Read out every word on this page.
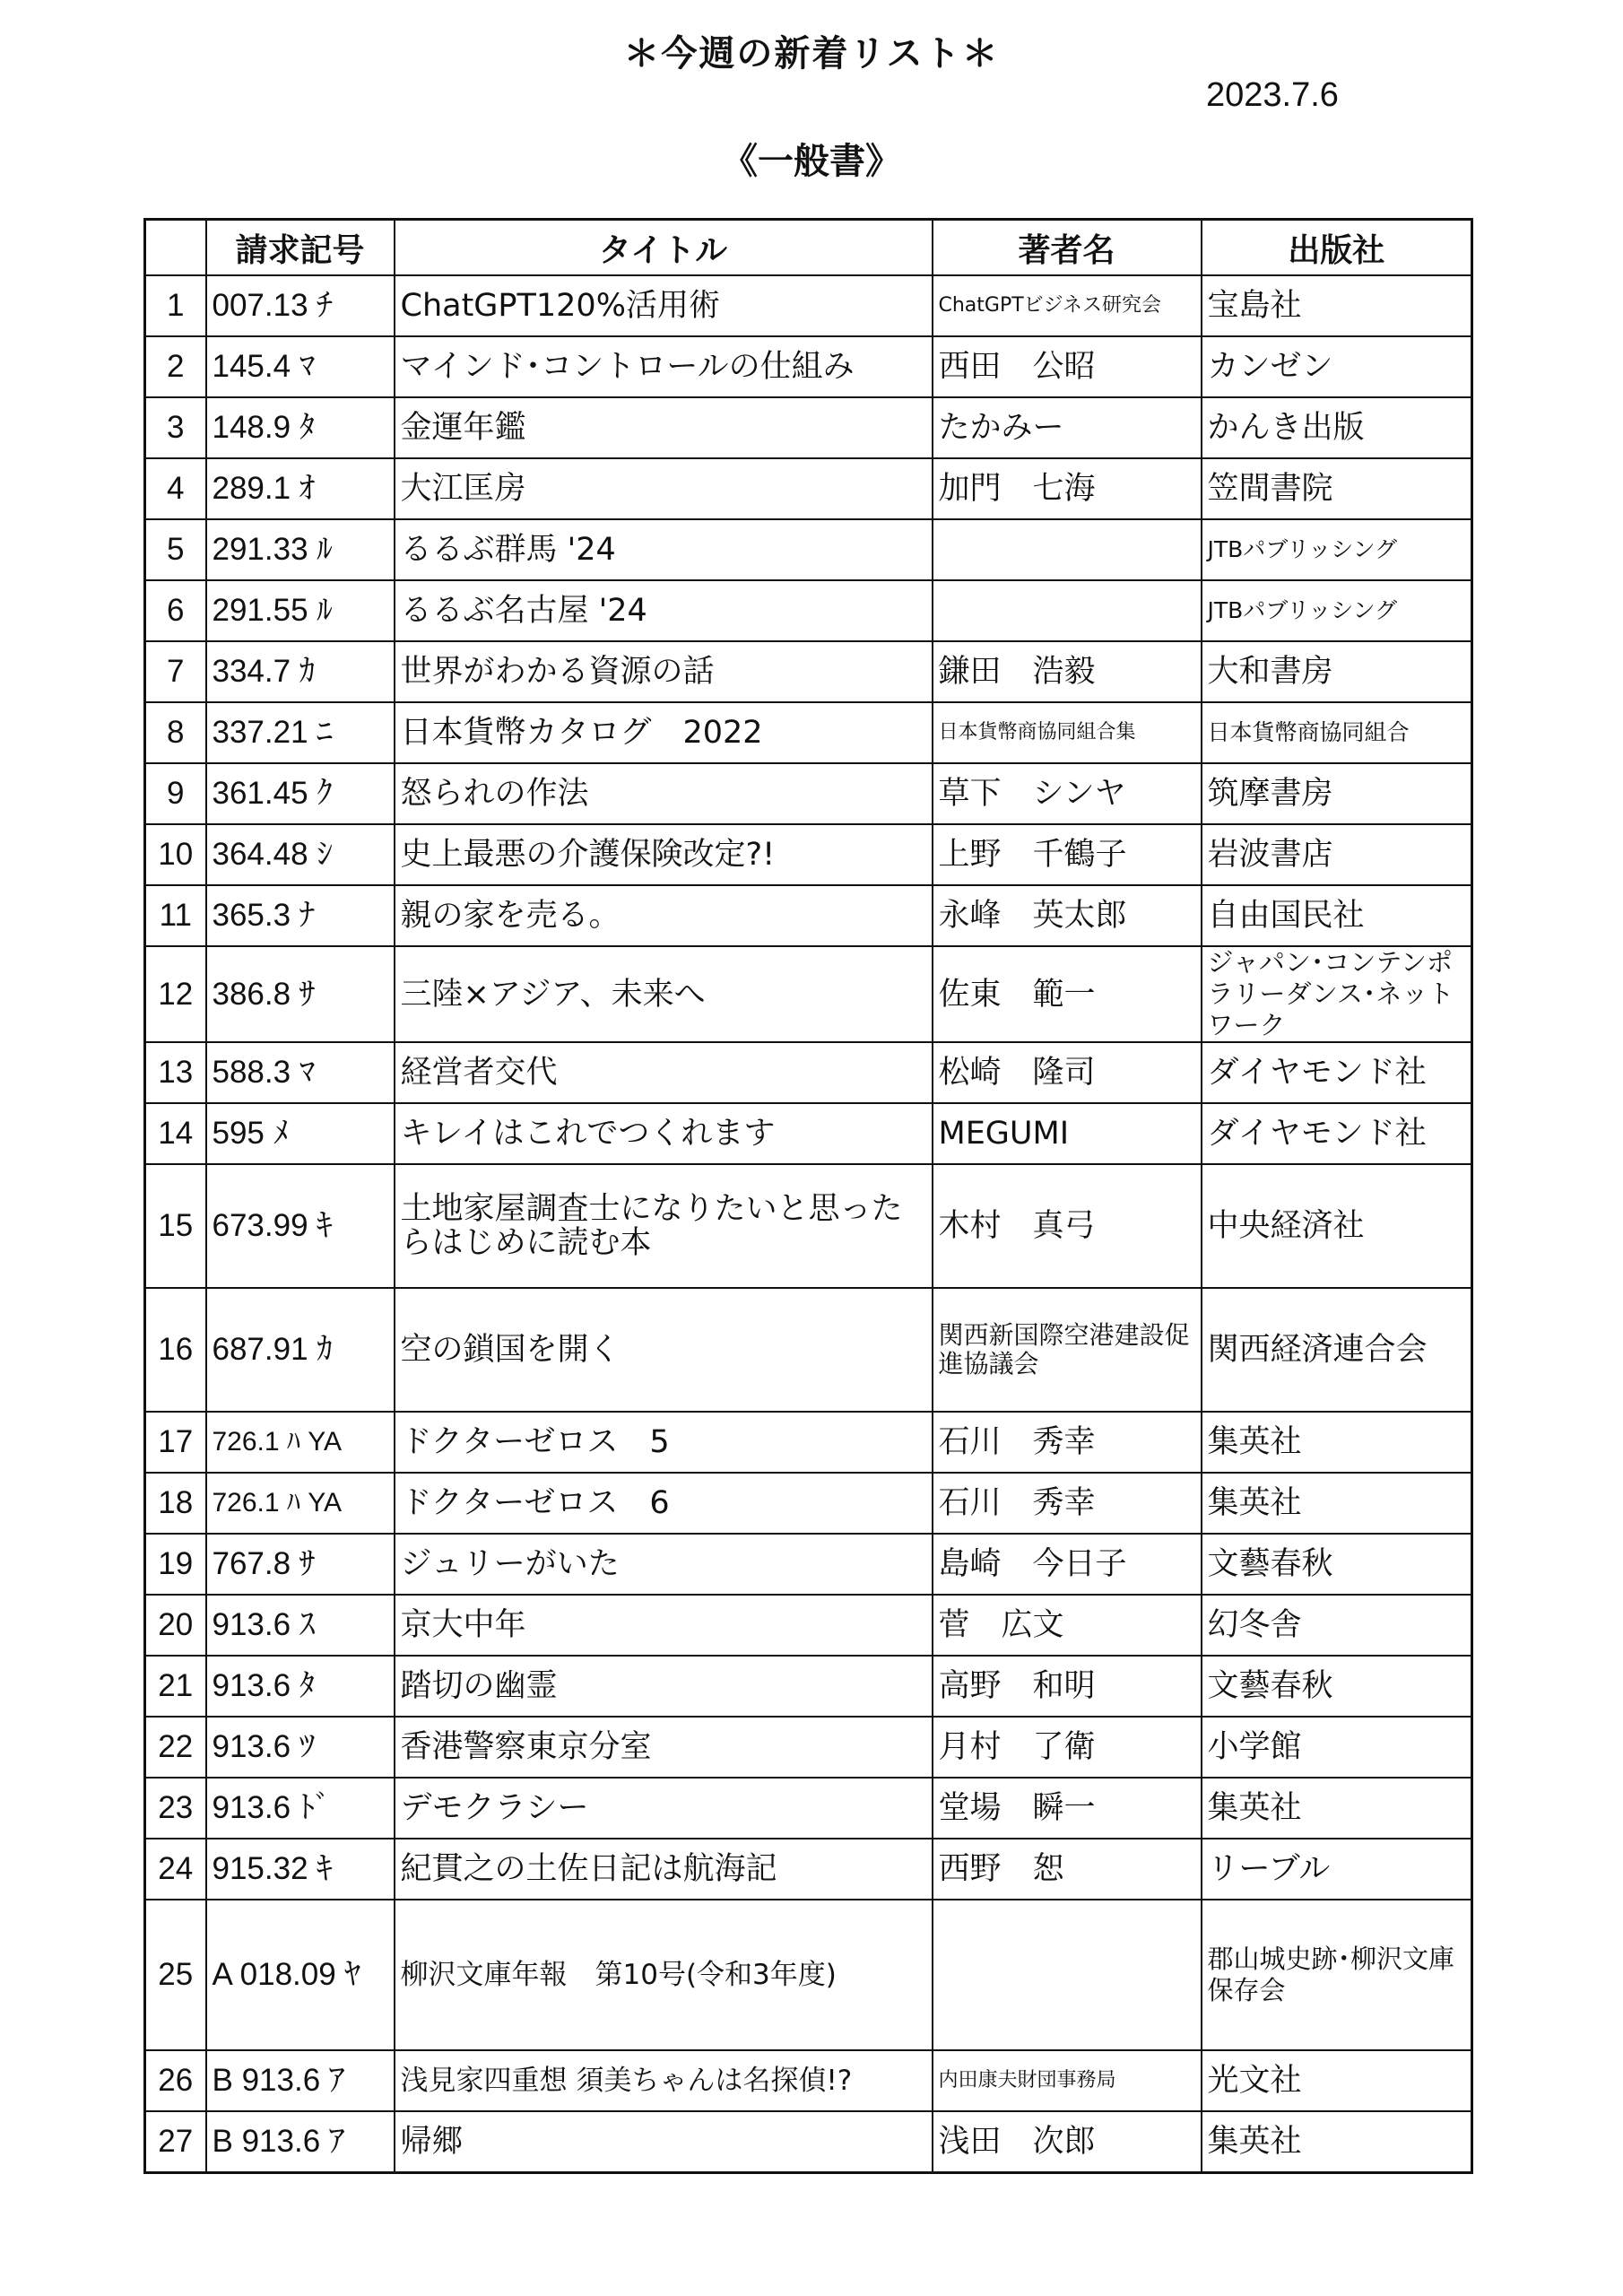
＊今週の新着リスト＊
2023.7.6
《一般書》
	請求記号	タイトル	著者名	出版社
1	007.13 ﾁ	ChatGPT120%活用術	ChatGPTビジネス研究会	宝島社
2	145.4 ﾏ	マインド･コントロールの仕組み	西田　公昭	カンゼン
3	148.9 ﾀ	金運年鑑	たかみー	かんき出版
4	289.1 ｵ	大江匡房	加門　七海	笠間書院
5	291.33 ﾙ	るるぶ群馬 '24		JTBパブリッシング
6	291.55 ﾙ	るるぶ名古屋 '24		JTBパブリッシング
7	334.7 ｶ	世界がわかる資源の話	鎌田　浩毅	大和書房
8	337.21 ﾆ	日本貨幣カタログ　2022	日本貨幣商協同組合集	日本貨幣商協同組合
9	361.45 ｸ	怒られの作法	草下　シンヤ	筑摩書房
10	364.48 ｼ	史上最悪の介護保険改定?!	上野　千鶴子	岩波書店
11	365.3 ﾅ	親の家を売る。	永峰　英太郎	自由国民社
12	386.8 ｻ	三陸×アジア、未来へ	佐東　範一	ジャパン･コンテンポラリーダンス･ネットワーク
13	588.3 ﾏ	経営者交代	松崎　隆司	ダイヤモンド社
14	595 ﾒ	キレイはこれでつくれます	MEGUMI	ダイヤモンド社
15	673.99 ｷ	土地家屋調査士になりたいと思ったらはじめに読む本	木村　真弓	中央経済社
16	687.91 ｶ	空の鎖国を開く	関西新国際空港建設促進協議会	関西経済連合会
17	726.1 ﾊ YA	ドクターゼロス　5	石川　秀幸	集英社
18	726.1 ﾊ YA	ドクターゼロス　6	石川　秀幸	集英社
19	767.8 ｻ	ジュリーがいた	島崎　今日子	文藝春秋
20	913.6 ｽ	京大中年	菅　広文	幻冬舎
21	913.6 ﾀ	踏切の幽霊	高野　和明	文藝春秋
22	913.6 ﾂ	香港警察東京分室	月村　了衛	小学館
23	913.6 ﾄﾞ	デモクラシー	堂場　瞬一	集英社
24	915.32 ｷ	紀貫之の土佐日記は航海記	西野　恕	リーブル
25	A 018.09 ﾔ	柳沢文庫年報　第10号(令和3年度)		郡山城史跡･柳沢文庫保存会
26	B 913.6 ｱ	浅見家四重想 須美ちゃんは名探偵!?	内田康夫財団事務局	光文社
27	B 913.6 ｱ	帰郷	浅田　次郎	集英社
